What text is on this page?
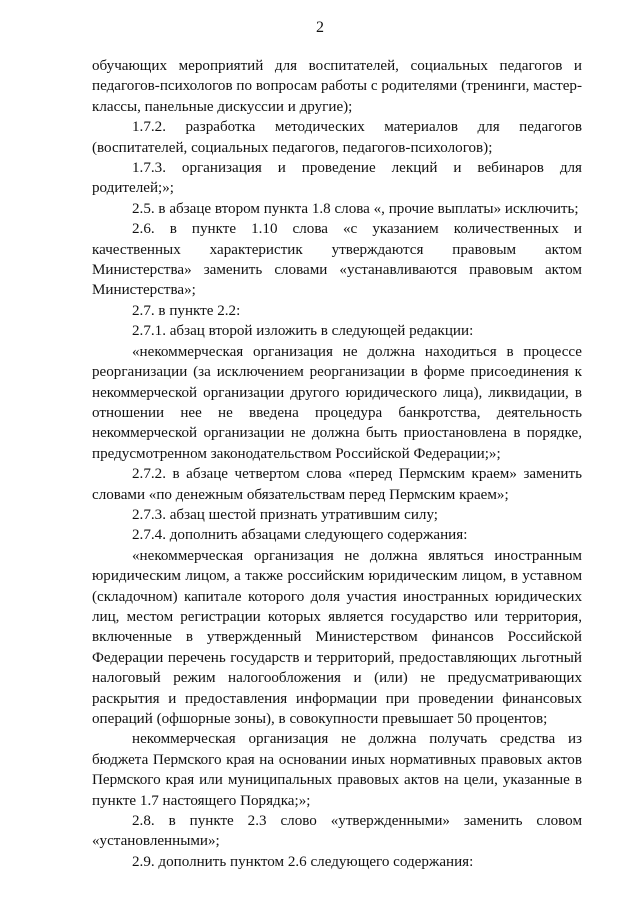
2

обучающих мероприятий для воспитателей, социальных педагогов и педагогов-психологов по вопросам работы с родителями (тренинги, мастер-классы, панельные дискуссии и другие);

1.7.2. разработка методических материалов для педагогов (воспитателей, социальных педагогов, педагогов-психологов);

1.7.3. организация и проведение лекций и вебинаров для родителей;»;

2.5. в абзаце втором пункта 1.8 слова «, прочие выплаты» исключить;

2.6. в пункте 1.10 слова «с указанием количественных и качественных характеристик утверждаются правовым актом Министерства» заменить словами «устанавливаются правовым актом Министерства»;

2.7. в пункте 2.2:

2.7.1. абзац второй изложить в следующей редакции:

«некоммерческая организация не должна находиться в процессе реорганизации (за исключением реорганизации в форме присоединения к некоммерческой организации другого юридического лица), ликвидации, в отношении нее не введена процедура банкротства, деятельность некоммерческой организации не должна быть приостановлена в порядке, предусмотренном законодательством Российской Федерации;»;

2.7.2. в абзаце четвертом слова «перед Пермским краем» заменить словами «по денежным обязательствам перед Пермским краем»;

2.7.3. абзац шестой признать утратившим силу;

2.7.4. дополнить абзацами следующего содержания:

«некоммерческая организация не должна являться иностранным юридическим лицом, а также российским юридическим лицом, в уставном (складочном) капитале которого доля участия иностранных юридических лиц, местом регистрации которых является государство или территория, включенные в утвержденный Министерством финансов Российской Федерации перечень государств и территорий, предоставляющих льготный налоговый режим налогообложения и (или) не предусматривающих раскрытия и предоставления информации при проведении финансовых операций (офшорные зоны), в совокупности превышает 50 процентов;

некоммерческая организация не должна получать средства из бюджета Пермского края на основании иных нормативных правовых актов Пермского края или муниципальных правовых актов на цели, указанные в пункте 1.7 настоящего Порядка;»;

2.8. в пункте 2.3 слово «утвержденными» заменить словом «установленными»;

2.9. дополнить пунктом 2.6 следующего содержания:
